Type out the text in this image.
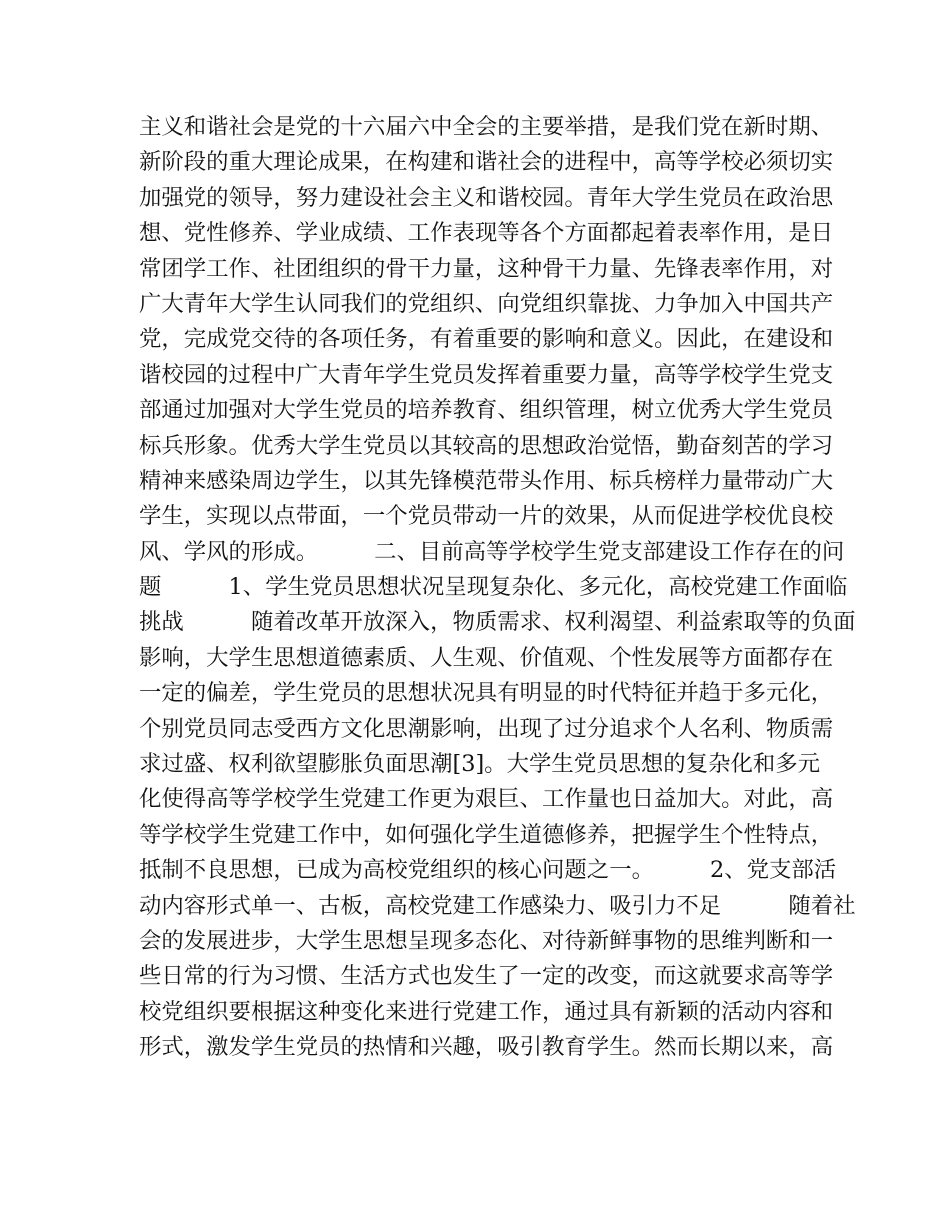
主义和谐社会是党的十六届六中全会的主要举措，是我们党在新时期、
新阶段的重大理论成果，在构建和谐社会的进程中，高等学校必须切实
加强党的领导，努力建设社会主义和谐校园。青年大学生党员在政治思
想、党性修养、学业成绩、工作表现等各个方面都起着表率作用，是日
常团学工作、社团组织的骨干力量，这种骨干力量、先锋表率作用，对
广大青年大学生认同我们的党组织、向党组织靠拢、力争加入中国共产
党，完成党交待的各项任务，有着重要的影响和意义。因此，在建设和
谐校园的过程中广大青年学生党员发挥着重要力量，高等学校学生党支
部通过加强对大学生党员的培养教育、组织管理，树立优秀大学生党员
标兵形象。优秀大学生党员以其较高的思想政治觉悟，勤奋刻苦的学习
精神来感染周边学生，以其先锋模范带头作用、标兵榜样力量带动广大
学生，实现以点带面，一个党员带动一片的效果，从而促进学校优良校
风、学风的形成。　　　二、目前高等学校学生党支部建设工作存在的问
题　　　1、学生党员思想状况呈现复杂化、多元化，高校党建工作面临
挑战　　　随着改革开放深入，物质需求、权利渴望、利益索取等的负面
影响，大学生思想道德素质、人生观、价值观、个性发展等方面都存在
一定的偏差，学生党员的思想状况具有明显的时代特征并趋于多元化，
个别党员同志受西方文化思潮影响，出现了过分追求个人名利、物质需
求过盛、权利欲望膨胀负面思潮[3]。大学生党员思想的复杂化和多元
化使得高等学校学生党建工作更为艰巨、工作量也日益加大。对此，高
等学校学生党建工作中，如何强化学生道德修养，把握学生个性特点，
抵制不良思想，已成为高校党组织的核心问题之一。　　　2、党支部活
动内容形式单一、古板，高校党建工作感染力、吸引力不足　　　随着社
会的发展进步，大学生思想呈现多态化、对待新鲜事物的思维判断和一
些日常的行为习惯、生活方式也发生了一定的改变，而这就要求高等学
校党组织要根据这种变化来进行党建工作，通过具有新颖的活动内容和
形式，激发学生党员的热情和兴趣，吸引教育学生。然而长期以来，高
